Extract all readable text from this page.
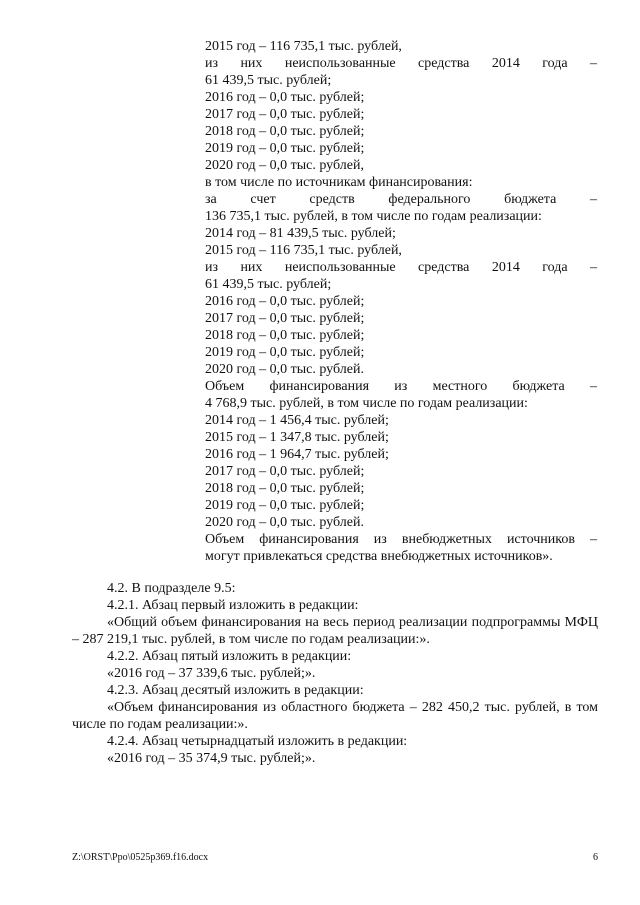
2015 год – 116 735,1 тыс. рублей,
из них неиспользованные средства 2014 года –
61 439,5 тыс. рублей;
2016 год – 0,0 тыс. рублей;
2017 год – 0,0 тыс. рублей;
2018 год – 0,0 тыс. рублей;
2019 год – 0,0 тыс. рублей;
2020 год – 0,0 тыс. рублей,
в том числе по источникам финансирования:
за счет средств федерального бюджета –
136 735,1 тыс. рублей, в том числе по годам реализации:
2014 год – 81 439,5 тыс. рублей;
2015 год – 116 735,1 тыс. рублей,
из них неиспользованные средства 2014 года –
61 439,5 тыс. рублей;
2016 год – 0,0 тыс. рублей;
2017 год – 0,0 тыс. рублей;
2018 год – 0,0 тыс. рублей;
2019 год – 0,0 тыс. рублей;
2020 год – 0,0 тыс. рублей.
Объем финансирования из местного бюджета –
4 768,9 тыс. рублей, в том числе по годам реализации:
2014 год – 1 456,4 тыс. рублей;
2015 год – 1 347,8 тыс. рублей;
2016 год – 1 964,7 тыс. рублей;
2017 год – 0,0 тыс. рублей;
2018 год – 0,0 тыс. рублей;
2019 год – 0,0 тыс. рублей;
2020 год – 0,0 тыс. рублей.
Объем финансирования из внебюджетных источников –
могут привлекаться средства внебюджетных источников».
4.2. В подразделе 9.5:
4.2.1. Абзац первый изложить в редакции:
«Общий объем финансирования на весь период реализации подпрограммы МФЦ – 287 219,1 тыс. рублей, в том числе по годам реализации:».
4.2.2. Абзац пятый изложить в редакции:
«2016 год – 37 339,6 тыс. рублей;».
4.2.3. Абзац десятый изложить в редакции:
«Объем финансирования из областного бюджета – 282 450,2 тыс. рублей, в том числе по годам реализации:».
4.2.4. Абзац четырнадцатый изложить в редакции:
«2016 год – 35 374,9 тыс. рублей;».
Z:\ORST\Ppo\0525p369.f16.docx	6
